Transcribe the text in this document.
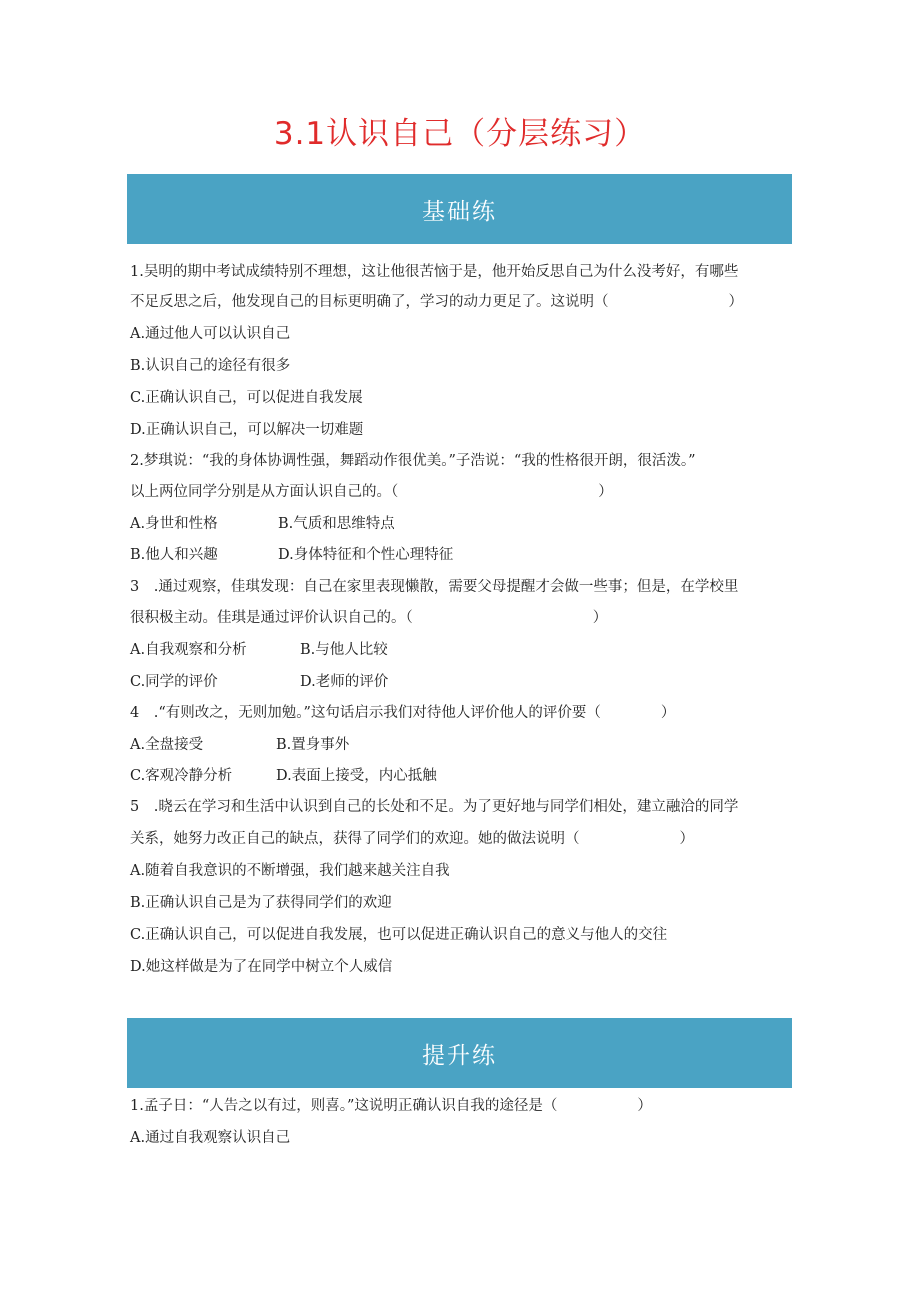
3.1认识自己（分层练习）
基础练
1.吴明的期中考试成绩特别不理想，这让他很苦恼于是，他开始反思自己为什么没考好，有哪些
不足反思之后，他发现自己的目标更明确了，学习的动力更足了。这说明（	）
A.通过他人可以认识自己
B.认识自己的途径有很多
C.正确认识自己，可以促进自我发展
D.正确认识自己，可以解决一切难题
2.梦琪说：“我的身体协调性强，舞蹈动作很优美。”子浩说：“我的性格很开朗，很活泼。”
以上两位同学分别是从方面认识自己的。（	）
A.身世和性格	B.气质和思维特点
B.他人和兴趣	D.身体特征和个性心理特征
3　.通过观察，佳琪发现：自己在家里表现懒散，需要父母提醒才会做一些事；但是，在学校里
很积极主动。佳琪是通过评价认识自己的。（	）
A.自我观察和分析	B.与他人比较
C.同学的评价	D.老师的评价
4　.“有则改之，无则加勉。”这句话启示我们对待他人评价他人的评价要（	）
A.全盘接受	B.置身事外
C.客观冷静分析	D.表面上接受，内心抵触
5　.晓云在学习和生活中认识到自己的长处和不足。为了更好地与同学们相处，建立融洽的同学
关系，她努力改正自己的缺点，获得了同学们的欢迎。她的做法说明（	）
A.随着自我意识的不断增强，我们越来越关注自我
B.正确认识自己是为了获得同学们的欢迎
C.正确认识自己，可以促进自我发展，也可以促进正确认识自己的意义与他人的交往
D.她这样做是为了在同学中树立个人威信
提升练
1.孟子日：“人告之以有过，则喜。”这说明正确认识自我的途径是（	）
A.通过自我观察认识自己
